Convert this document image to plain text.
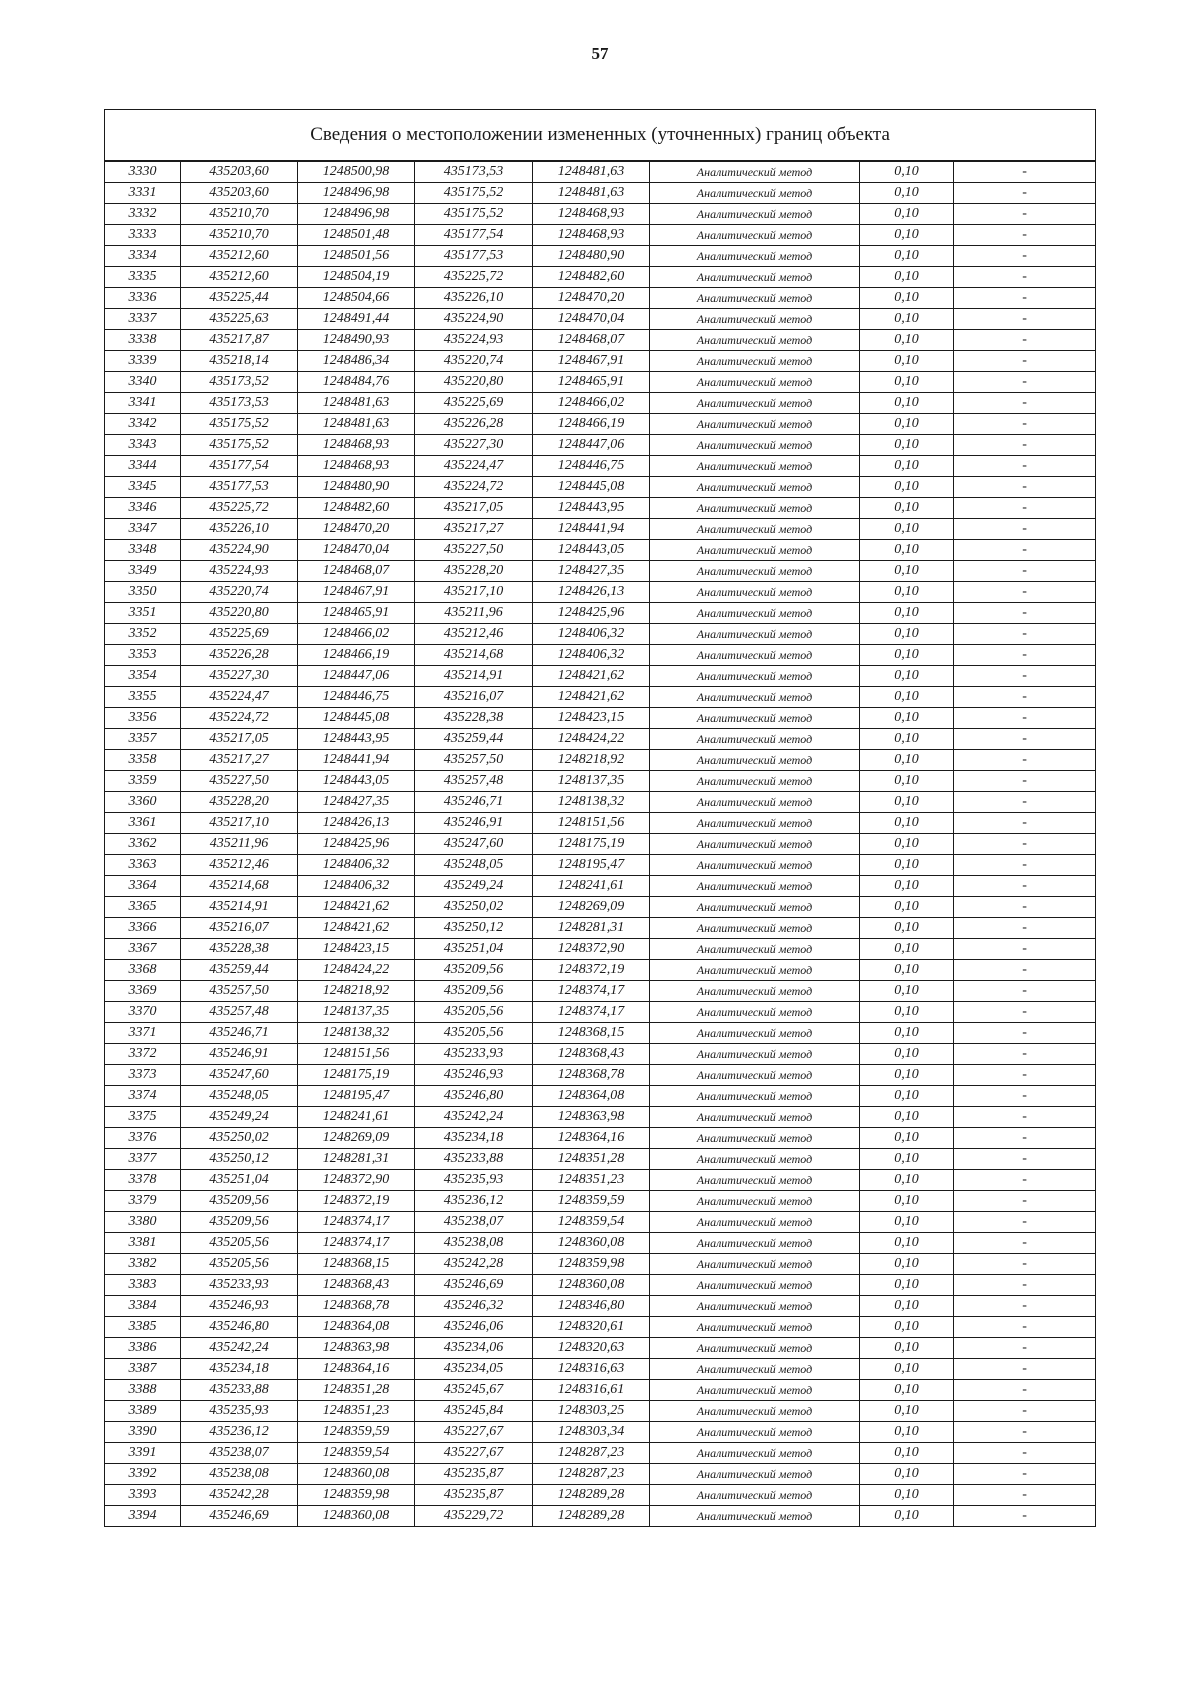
57
Сведения о местоположении измененных (уточненных) границ объекта							
3330	435203,60	1248500,98	435173,53	1248481,63	Аналитический метод	0,10	-
3331	435203,60	1248496,98	435175,52	1248481,63	Аналитический метод	0,10	-
3332	435210,70	1248496,98	435175,52	1248468,93	Аналитический метод	0,10	-
3333	435210,70	1248501,48	435177,54	1248468,93	Аналитический метод	0,10	-
3334	435212,60	1248501,56	435177,53	1248480,90	Аналитический метод	0,10	-
3335	435212,60	1248504,19	435225,72	1248482,60	Аналитический метод	0,10	-
3336	435225,44	1248504,66	435226,10	1248470,20	Аналитический метод	0,10	-
3337	435225,63	1248491,44	435224,90	1248470,04	Аналитический метод	0,10	-
3338	435217,87	1248490,93	435224,93	1248468,07	Аналитический метод	0,10	-
3339	435218,14	1248486,34	435220,74	1248467,91	Аналитический метод	0,10	-
3340	435173,52	1248484,76	435220,80	1248465,91	Аналитический метод	0,10	-
3341	435173,53	1248481,63	435225,69	1248466,02	Аналитический метод	0,10	-
3342	435175,52	1248481,63	435226,28	1248466,19	Аналитический метод	0,10	-
3343	435175,52	1248468,93	435227,30	1248447,06	Аналитический метод	0,10	-
3344	435177,54	1248468,93	435224,47	1248446,75	Аналитический метод	0,10	-
3345	435177,53	1248480,90	435224,72	1248445,08	Аналитический метод	0,10	-
3346	435225,72	1248482,60	435217,05	1248443,95	Аналитический метод	0,10	-
3347	435226,10	1248470,20	435217,27	1248441,94	Аналитический метод	0,10	-
3348	435224,90	1248470,04	435227,50	1248443,05	Аналитический метод	0,10	-
3349	435224,93	1248468,07	435228,20	1248427,35	Аналитический метод	0,10	-
3350	435220,74	1248467,91	435217,10	1248426,13	Аналитический метод	0,10	-
3351	435220,80	1248465,91	435211,96	1248425,96	Аналитический метод	0,10	-
3352	435225,69	1248466,02	435212,46	1248406,32	Аналитический метод	0,10	-
3353	435226,28	1248466,19	435214,68	1248406,32	Аналитический метод	0,10	-
3354	435227,30	1248447,06	435214,91	1248421,62	Аналитический метод	0,10	-
3355	435224,47	1248446,75	435216,07	1248421,62	Аналитический метод	0,10	-
3356	435224,72	1248445,08	435228,38	1248423,15	Аналитический метод	0,10	-
3357	435217,05	1248443,95	435259,44	1248424,22	Аналитический метод	0,10	-
3358	435217,27	1248441,94	435257,50	1248218,92	Аналитический метод	0,10	-
3359	435227,50	1248443,05	435257,48	1248137,35	Аналитический метод	0,10	-
3360	435228,20	1248427,35	435246,71	1248138,32	Аналитический метод	0,10	-
3361	435217,10	1248426,13	435246,91	1248151,56	Аналитический метод	0,10	-
3362	435211,96	1248425,96	435247,60	1248175,19	Аналитический метод	0,10	-
3363	435212,46	1248406,32	435248,05	1248195,47	Аналитический метод	0,10	-
3364	435214,68	1248406,32	435249,24	1248241,61	Аналитический метод	0,10	-
3365	435214,91	1248421,62	435250,02	1248269,09	Аналитический метод	0,10	-
3366	435216,07	1248421,62	435250,12	1248281,31	Аналитический метод	0,10	-
3367	435228,38	1248423,15	435251,04	1248372,90	Аналитический метод	0,10	-
3368	435259,44	1248424,22	435209,56	1248372,19	Аналитический метод	0,10	-
3369	435257,50	1248218,92	435209,56	1248374,17	Аналитический метод	0,10	-
3370	435257,48	1248137,35	435205,56	1248374,17	Аналитический метод	0,10	-
3371	435246,71	1248138,32	435205,56	1248368,15	Аналитический метод	0,10	-
3372	435246,91	1248151,56	435233,93	1248368,43	Аналитический метод	0,10	-
3373	435247,60	1248175,19	435246,93	1248368,78	Аналитический метод	0,10	-
3374	435248,05	1248195,47	435246,80	1248364,08	Аналитический метод	0,10	-
3375	435249,24	1248241,61	435242,24	1248363,98	Аналитический метод	0,10	-
3376	435250,02	1248269,09	435234,18	1248364,16	Аналитический метод	0,10	-
3377	435250,12	1248281,31	435233,88	1248351,28	Аналитический метод	0,10	-
3378	435251,04	1248372,90	435235,93	1248351,23	Аналитический метод	0,10	-
3379	435209,56	1248372,19	435236,12	1248359,59	Аналитический метод	0,10	-
3380	435209,56	1248374,17	435238,07	1248359,54	Аналитический метод	0,10	-
3381	435205,56	1248374,17	435238,08	1248360,08	Аналитический метод	0,10	-
3382	435205,56	1248368,15	435242,28	1248359,98	Аналитический метод	0,10	-
3383	435233,93	1248368,43	435246,69	1248360,08	Аналитический метод	0,10	-
3384	435246,93	1248368,78	435246,32	1248346,80	Аналитический метод	0,10	-
3385	435246,80	1248364,08	435246,06	1248320,61	Аналитический метод	0,10	-
3386	435242,24	1248363,98	435234,06	1248320,63	Аналитический метод	0,10	-
3387	435234,18	1248364,16	435234,05	1248316,63	Аналитический метод	0,10	-
3388	435233,88	1248351,28	435245,67	1248316,61	Аналитический метод	0,10	-
3389	435235,93	1248351,23	435245,84	1248303,25	Аналитический метод	0,10	-
3390	435236,12	1248359,59	435227,67	1248303,34	Аналитический метод	0,10	-
3391	435238,07	1248359,54	435227,67	1248287,23	Аналитический метод	0,10	-
3392	435238,08	1248360,08	435235,87	1248287,23	Аналитический метод	0,10	-
3393	435242,28	1248359,98	435235,87	1248289,28	Аналитический метод	0,10	-
3394	435246,69	1248360,08	435229,72	1248289,28	Аналитический метод	0,10	-
